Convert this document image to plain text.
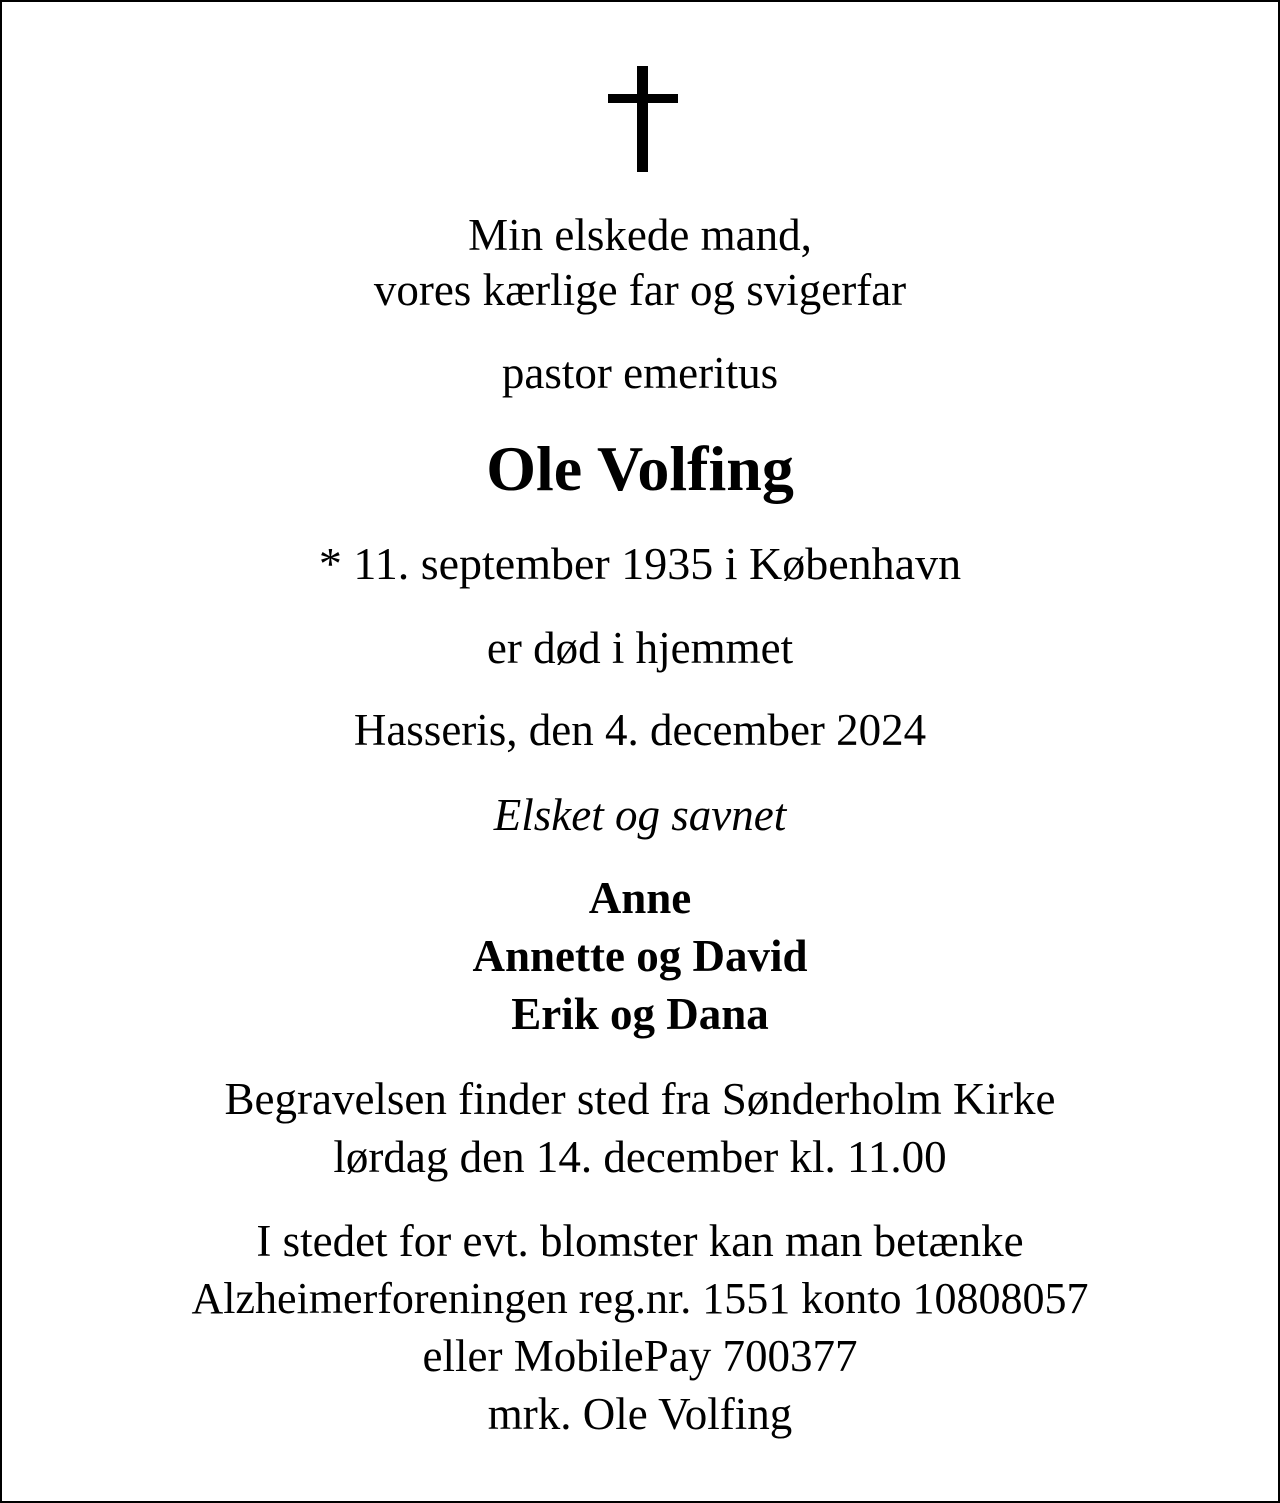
Min elskede mand,
vores kærlige far og svigerfar
pastor emeritus
Ole Volfing
* 11. september 1935 i København
er død i hjemmet
Hasseris, den 4. december 2024
Elsket og savnet
Anne
Annette og David
Erik og Dana
Begravelsen finder sted fra Sønderholm Kirke
lørdag den 14. december kl. 11.00
I stedet for evt. blomster kan man betænke
Alzheimerforeningen reg.nr. 1551 konto 10808057
eller MobilePay 700377
mrk. Ole Volfing
